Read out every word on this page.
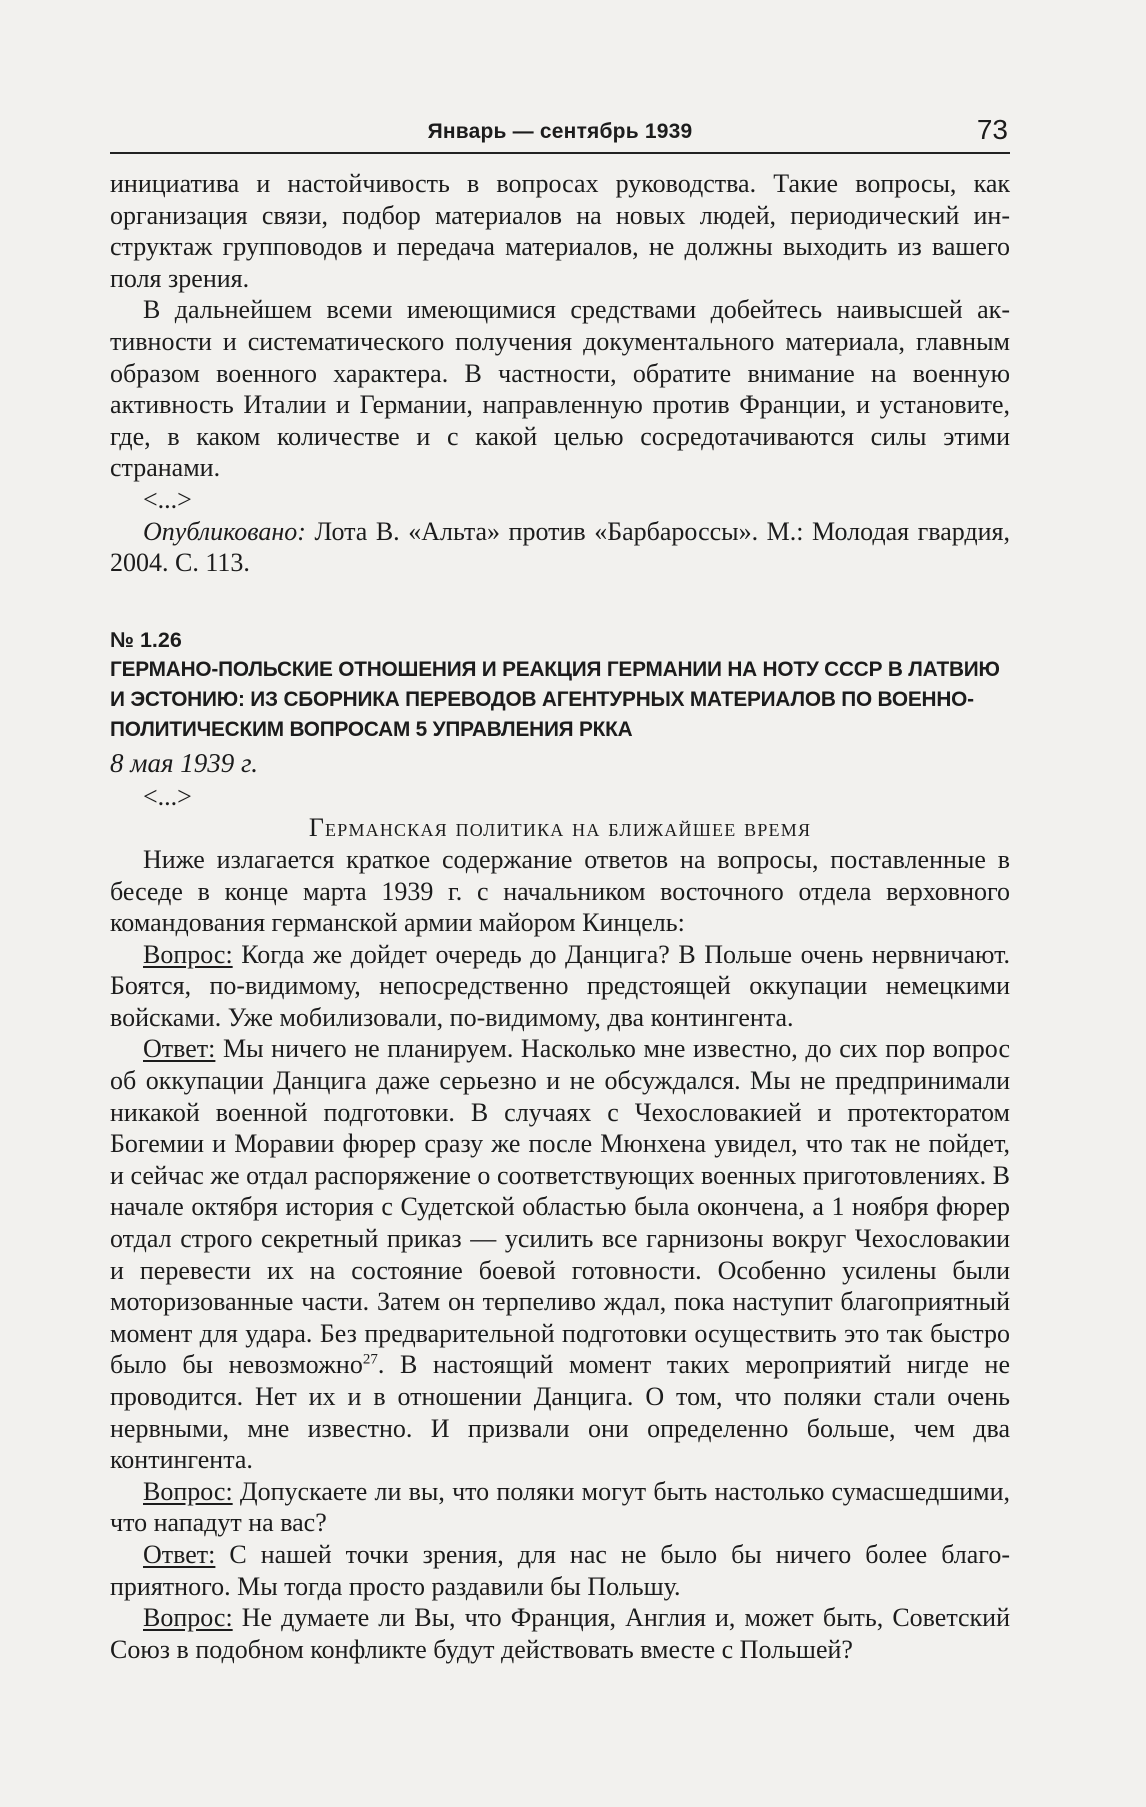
Январь — сентябрь 1939	73

инициатива и настойчивость в вопросах руководства. Такие вопросы, как организация связи, подбор материалов на новых людей, периодический инструктаж групповодов и передача материалов, не должны выходить из вашего поля зрения.

В дальнейшем всеми имеющимися средствами добейтесь наивысшей активности и систематического получения документального материала, главным образом военного характера. В частности, обратите внимание на военную активность Италии и Германии, направленную против Франции, и установите, где, в каком количестве и с какой целью сосредотачиваются силы этими странами.

<...>

Опубликовано: Лота В. «Альта» против «Барбароссы». М.: Молодая гвардия, 2004. С. 113.

№ 1.26
ГЕРМАНО-ПОЛЬСКИЕ ОТНОШЕНИЯ И РЕАКЦИЯ ГЕРМАНИИ НА НОТУ СССР В ЛАТВИЮ И ЭСТОНИЮ: ИЗ СБОРНИКА ПЕРЕВОДОВ АГЕНТУРНЫХ МАТЕРИАЛОВ ПО ВОЕННО-ПОЛИТИЧЕСКИМ ВОПРОСАМ 5 УПРАВЛЕНИЯ РККА

8 мая 1939 г.

<...>

Германская политика на ближайшее время

Ниже излагается краткое содержание ответов на вопросы, поставленные в беседе в конце марта 1939 г. с начальником восточного отдела верховного командования германской армии майором Кинцель:

Вопрос: Когда же дойдет очередь до Данцига? В Польше очень нервничают. Боятся, по-видимому, непосредственно предстоящей оккупации немецкими войсками. Уже мобилизовали, по-видимому, два контингента.

Ответ: Мы ничего не планируем. Насколько мне известно, до сих пор вопрос об оккупации Данцига даже серьезно и не обсуждался. Мы не предпринимали никакой военной подготовки. В случаях с Чехословакией и протекторатом Богемии и Моравии фюрер сразу же после Мюнхена увидел, что так не пойдет, и сейчас же отдал распоряжение о соответствующих военных приготовлениях. В начале октября история с Судетской областью была окончена, а 1 ноября фюрер отдал строго секретный приказ — усилить все гарнизоны вокруг Чехословакии и перевести их на состояние боевой готовности. Особенно усилены были моторизованные части. Затем он терпеливо ждал, пока наступит благоприятный момент для удара. Без предварительной подготовки осуществить это так быстро было бы невозможно$^{27}$. В настоящий момент таких мероприятий нигде не проводится. Нет их и в отношении Данцига. О том, что поляки стали очень нервными, мне известно. И призвали они определенно больше, чем два контингента.

Вопрос: Допускаете ли вы, что поляки могут быть настолько сумасшедшими, что нападут на вас?

Ответ: С нашей точки зрения, для нас не было бы ничего более благоприятного. Мы тогда просто раздавили бы Польшу.

Вопрос: Не думаете ли Вы, что Франция, Англия и, может быть, Советский Союз в подобном конфликте будут действовать вместе с Польшей?
